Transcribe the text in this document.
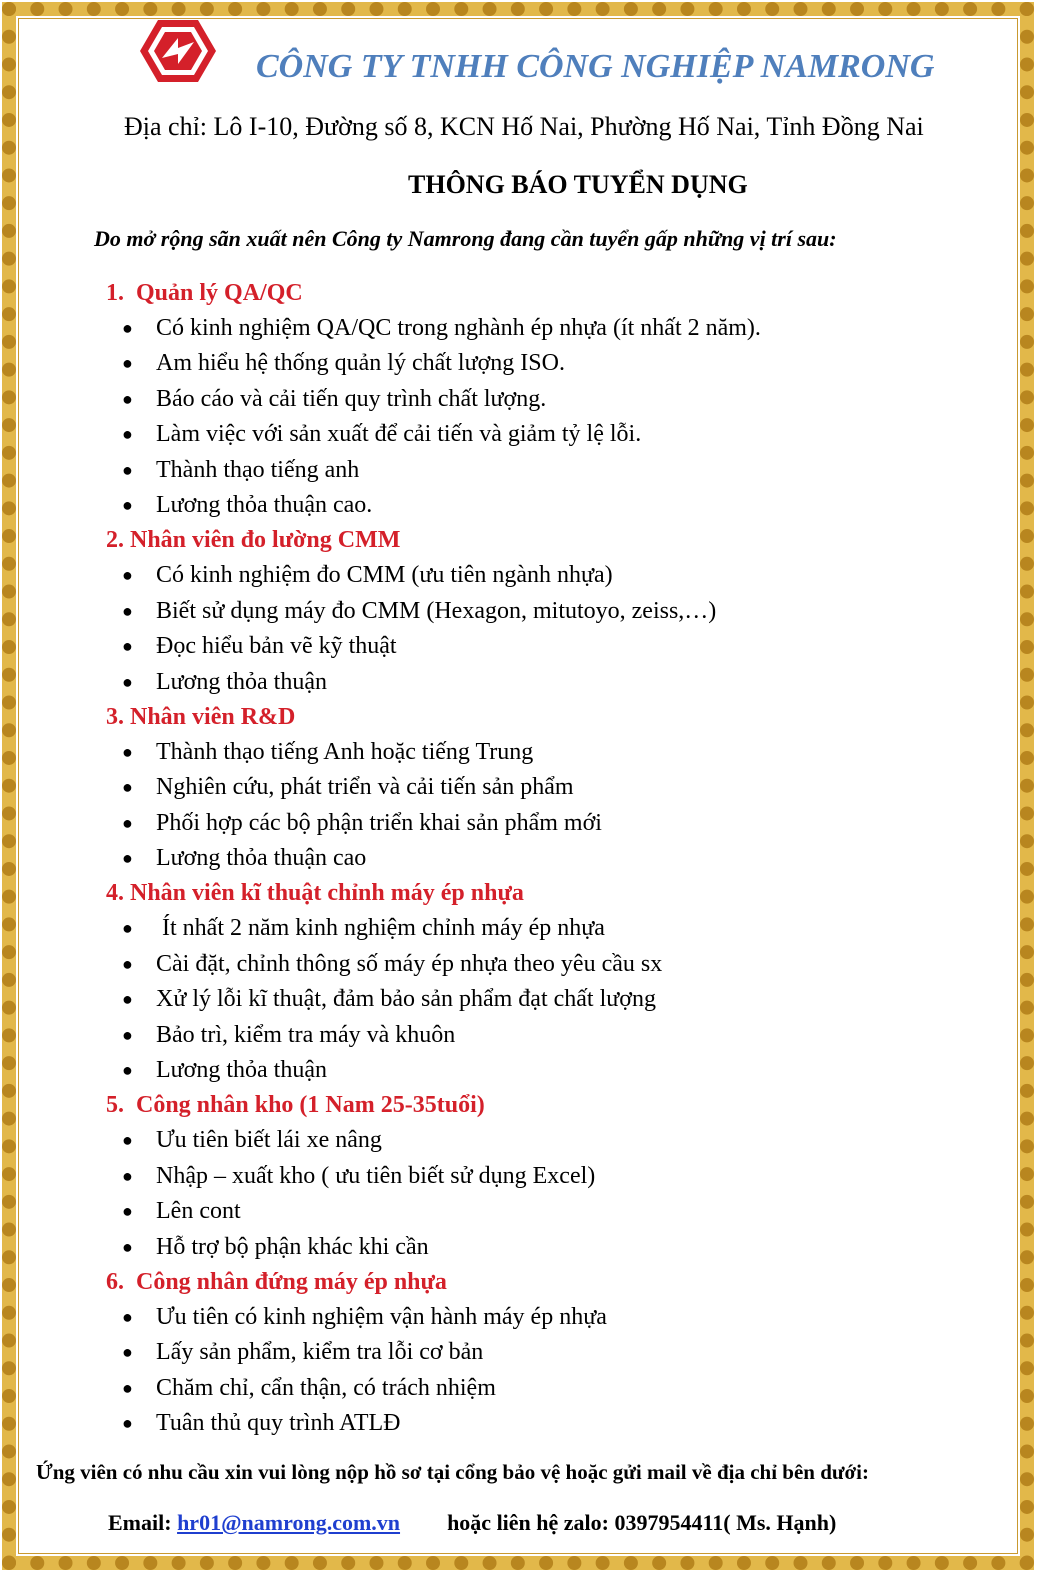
CÔNG TY TNHH CÔNG NGHIỆP NAMRONG
Địa chỉ: Lô I-10, Đường số 8, KCN Hố Nai, Phường Hố Nai, Tỉnh Đồng Nai
THÔNG BÁO TUYỂN DỤNG
Do mở rộng sãn xuất nên Công ty Namrong đang cần tuyển gấp những vị trí sau:
1. Quản lý QA/QC
● Có kinh nghiệm QA/QC trong nghành ép nhựa (ít nhất 2 năm).
● Am hiểu hệ thống quản lý chất lượng ISO.
● Báo cáo và cải tiến quy trình chất lượng.
● Làm việc với sản xuất để cải tiến và giảm tỷ lệ lỗi.
● Thành thạo tiếng anh
● Lương thỏa thuận cao.
2. Nhân viên đo lường CMM
● Có kinh nghiệm đo CMM (ưu tiên ngành nhựa)
● Biết sử dụng máy đo CMM (Hexagon, mitutoyo, zeiss,…)
● Đọc hiểu bản vẽ kỹ thuật
● Lương thỏa thuận
3. Nhân viên R&D
● Thành thạo tiếng Anh hoặc tiếng Trung
● Nghiên cứu, phát triển và cải tiến sản phẩm
● Phối hợp các bộ phận triển khai sản phẩm mới
● Lương thỏa thuận cao
4. Nhân viên kĩ thuật chỉnh máy ép nhựa
● Ít nhất 2 năm kinh nghiệm chỉnh máy ép nhựa
● Cài đặt, chỉnh thông số máy ép nhựa theo yêu cầu sx
● Xử lý lỗi kĩ thuật, đảm bảo sản phẩm đạt chất lượng
● Bảo trì, kiểm tra máy và khuôn
● Lương thỏa thuận
5. Công nhân kho (1 Nam 25-35tuổi)
● Ưu tiên biết lái xe nâng
● Nhập – xuất kho ( ưu tiên biết sử dụng Excel)
● Lên cont
● Hỗ trợ bộ phận khác khi cần
6. Công nhân đứng máy ép nhựa
● Ưu tiên có kinh nghiệm vận hành máy ép nhựa
● Lấy sản phẩm, kiểm tra lỗi cơ bản
● Chăm chỉ, cẩn thận, có trách nhiệm
● Tuân thủ quy trình ATLĐ
Ứng viên có nhu cầu xin vui lòng nộp hồ sơ tại cổng bảo vệ hoặc gửi mail về địa chỉ bên dưới:
Email: hr01@namrong.com.vn hoặc liên hệ zalo: 0397954411( Ms. Hạnh)
